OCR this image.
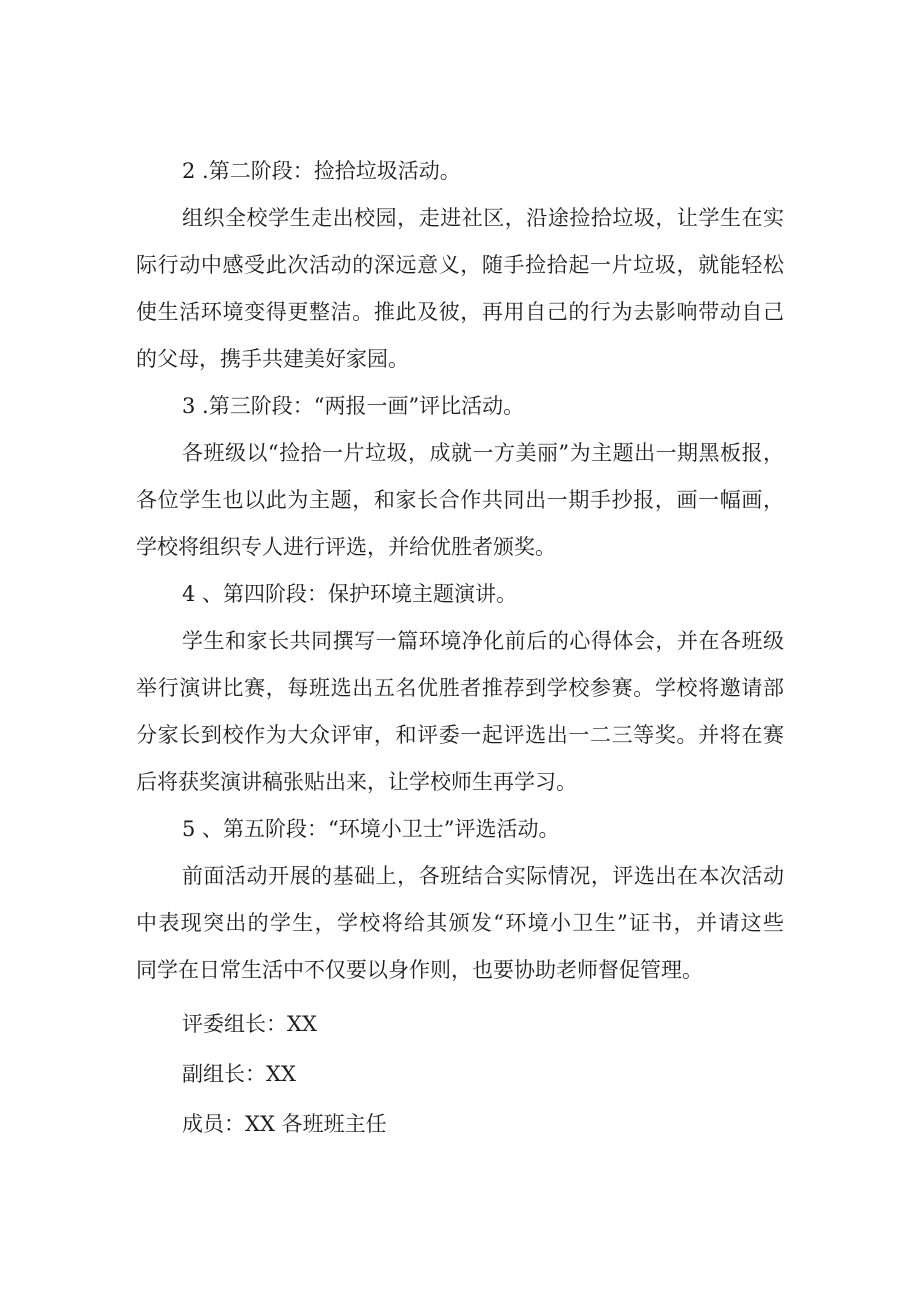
2 .第二阶段：捡拾垃圾活动。
组织全校学生走出校园，走进社区，沿途捡拾垃圾，让学生在实
际行动中感受此次活动的深远意义，随手捡拾起一片垃圾，就能轻松
使生活环境变得更整洁。推此及彼，再用自己的行为去影响带动自己
的父母，携手共建美好家园。
3 .第三阶段：“两报一画”评比活动。
各班级以“捡拾一片垃圾，成就一方美丽”为主题出一期黑板报，
各位学生也以此为主题，和家长合作共同出一期手抄报，画一幅画，
学校将组织专人进行评选，并给优胜者颁奖。
4 、第四阶段：保护环境主题演讲。
学生和家长共同撰写一篇环境净化前后的心得体会，并在各班级
举行演讲比赛，每班选出五名优胜者推荐到学校参赛。学校将邀请部
分家长到校作为大众评审，和评委一起评选出一二三等奖。并将在赛
后将获奖演讲稿张贴出来，让学校师生再学习。
5 、第五阶段：“环境小卫士”评选活动。
前面活动开展的基础上，各班结合实际情况，评选出在本次活动
中表现突出的学生，学校将给其颁发“环境小卫生”证书，并请这些
同学在日常生活中不仅要以身作则，也要协助老师督促管理。
评委组长：XX
副组长：XX
成员：XX 各班班主任
